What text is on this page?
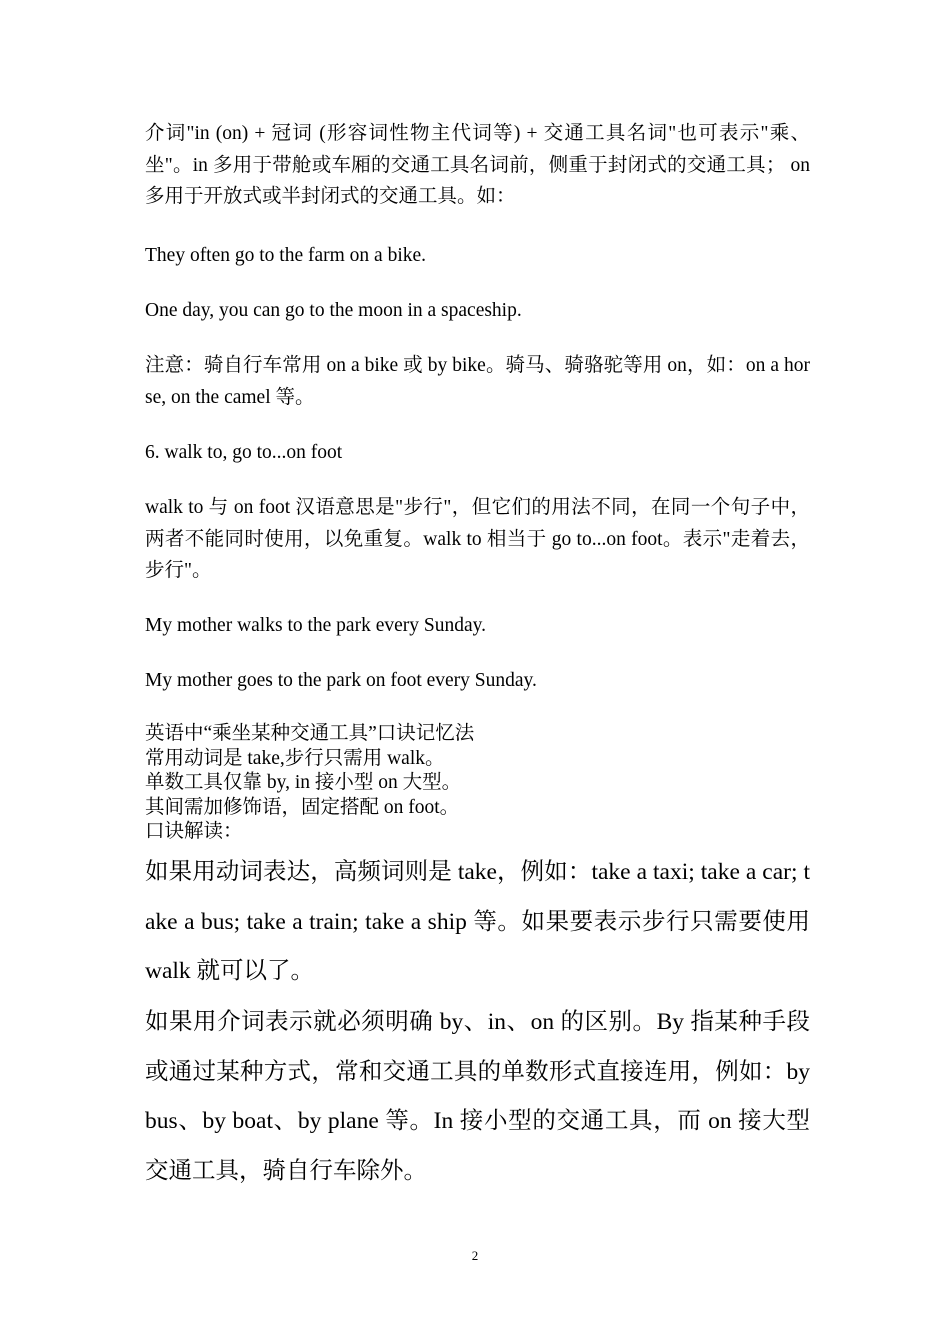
介词"in (on) + 冠词 (形容词性物主代词等) + 交通工具名词"也可表示"乘、坐"。in 多用于带舱或车厢的交通工具名词前，侧重于封闭式的交通工具； on 多用于开放式或半封闭式的交通工具。如：

They often go to the farm on a bike.

One day, you can go to the moon in a spaceship.

注意：骑自行车常用 on a bike 或 by bike。骑马、骑骆驼等用 on，如：on a horse, on the camel 等。

6. walk to, go to...on foot

walk to 与 on foot 汉语意思是"步行"，但它们的用法不同，在同一个句子中，两者不能同时使用，以免重复。walk to 相当于 go to...on foot。表示"走着去，步行"。

My mother walks to the park every Sunday.

My mother goes to the park on foot every Sunday.

英语中“乘坐某种交通工具”口诀记忆法
常用动词是 take,步行只需用 walk。
单数工具仅靠 by, in 接小型 on 大型。
其间需加修饰语，固定搭配 on foot。
口诀解读：

如果用动词表达，高频词则是 take，例如：take a taxi; take a car; take a bus; take a train; take a ship 等。如果要表示步行只需要使用 walk 就可以了。

如果用介词表示就必须明确 by、in、on 的区别。By 指某种手段或通过某种方式，常和交通工具的单数形式直接连用，例如：by bus、by boat、by plane 等。In 接小型的交通工具，而 on 接大型交通工具，骑自行车除外。

2
